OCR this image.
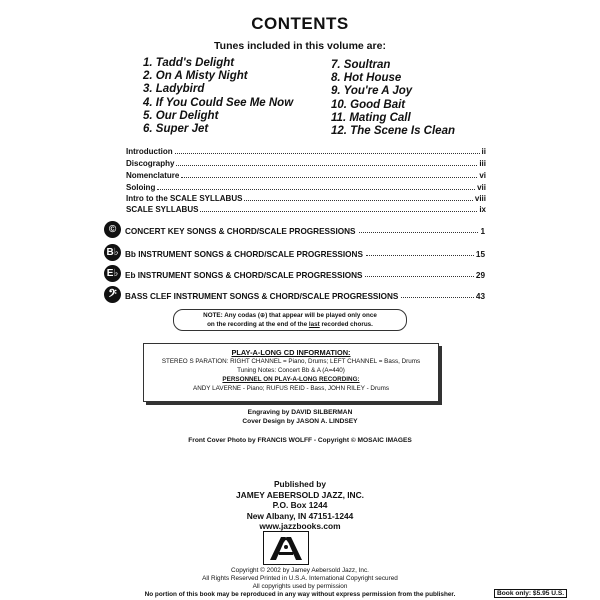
CONTENTS
Tunes included in this volume are:
1. Tadd's Delight
2. On A Misty Night
3. Ladybird
4. If You Could See Me Now
5. Our Delight
6. Super Jet
7. Soultran
8. Hot House
9. You're A Joy
10. Good Bait
11. Mating Call
12. The Scene Is Clean
Introduction	ii
Discography	iii
Nomenclature	vi
Soloing	vii
Intro to the SCALE SYLLABUS	viii
SCALE SYLLABUS	ix
©
B♭
E♭
𝄢
CONCERT KEY SONGS & CHORD/SCALE PROGRESSIONS	1
Bb INSTRUMENT SONGS & CHORD/SCALE PROGRESSIONS	15
Eb INSTRUMENT SONGS & CHORD/SCALE PROGRESSIONS	29
BASS CLEF INSTRUMENT SONGS & CHORD/SCALE PROGRESSIONS	43
NOTE: Any codas (⊕) that appear will be played only once
on the recording at the end of the last recorded chorus.
PLAY-A-LONG CD INFORMATION:
STEREO S PARATION: RIGHT CHANNEL = Piano, Drums; LEFT CHANNEL = Bass, Drums
Tuning Notes: Concert Bb & A (A=440)
PERSONNEL ON PLAY-A-LONG RECORDING:
ANDY LAVERNE - Piano; RUFUS REID - Bass, JOHN RILEY - Drums
Engraving by DAVID SILBERMAN
Cover Design by JASON A. LINDSEY
Front Cover Photo by FRANCIS WOLFF - Copyright © MOSAIC IMAGES
Published by
JAMEY AEBERSOLD JAZZ, INC.
P.O. Box 1244
New Albany, IN 47151-1244
www.jazzbooks.com
Copyright © 2002 by Jamey Aebersold Jazz, Inc.
All Rights Reserved Printed in U.S.A. International Copyright secured
All copyrights used by permission
No portion of this book may be reproduced in any way without express permission from the publisher.	Book only: $5.95 U.S.
